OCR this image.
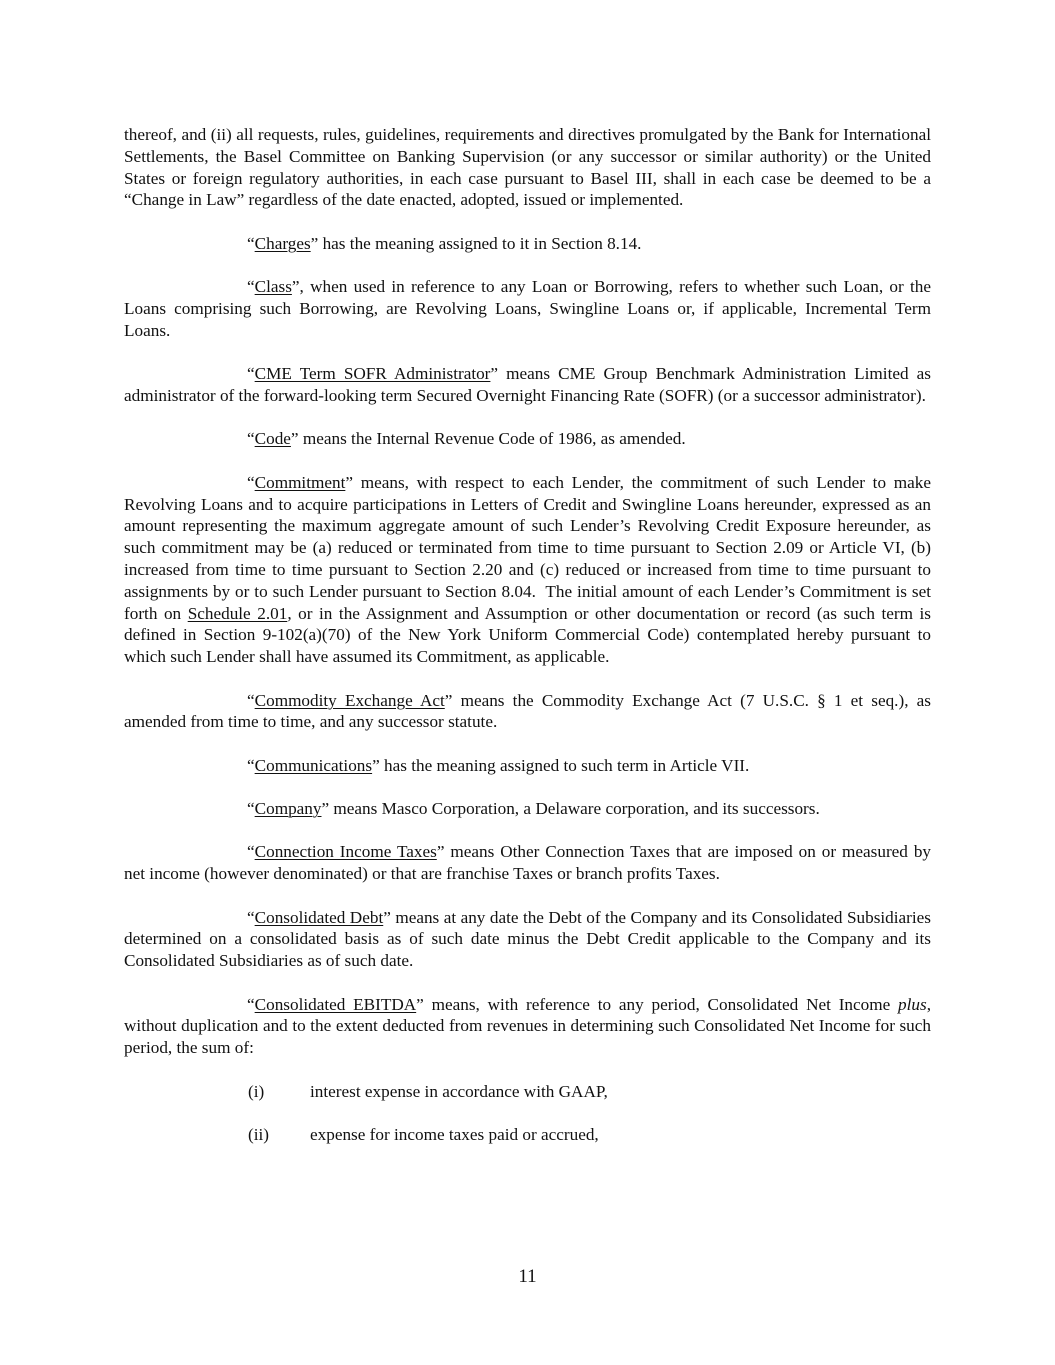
thereof, and (ii) all requests, rules, guidelines, requirements and directives promulgated by the Bank for International Settlements, the Basel Committee on Banking Supervision (or any successor or similar authority) or the United States or foreign regulatory authorities, in each case pursuant to Basel III, shall in each case be deemed to be a “Change in Law” regardless of the date enacted, adopted, issued or implemented.

“Charges” has the meaning assigned to it in Section 8.14.

“Class”, when used in reference to any Loan or Borrowing, refers to whether such Loan, or the Loans comprising such Borrowing, are Revolving Loans, Swingline Loans or, if applicable, Incremental Term Loans.

“CME Term SOFR Administrator” means CME Group Benchmark Administration Limited as administrator of the forward-looking term Secured Overnight Financing Rate (SOFR) (or a successor administrator).

“Code” means the Internal Revenue Code of 1986, as amended.

“Commitment” means, with respect to each Lender, the commitment of such Lender to make Revolving Loans and to acquire participations in Letters of Credit and Swingline Loans hereunder, expressed as an amount representing the maximum aggregate amount of such Lender’s Revolving Credit Exposure hereunder, as such commitment may be (a) reduced or terminated from time to time pursuant to Section 2.09 or Article VI, (b) increased from time to time pursuant to Section 2.20 and (c) reduced or increased from time to time pursuant to assignments by or to such Lender pursuant to Section 8.04.  The initial amount of each Lender’s Commitment is set forth on Schedule 2.01, or in the Assignment and Assumption or other documentation or record (as such term is defined in Section 9-102(a)(70) of the New York Uniform Commercial Code) contemplated hereby pursuant to which such Lender shall have assumed its Commitment, as applicable.

“Commodity Exchange Act” means the Commodity Exchange Act (7 U.S.C. § 1 et seq.), as amended from time to time, and any successor statute.

“Communications” has the meaning assigned to such term in Article VII.

“Company” means Masco Corporation, a Delaware corporation, and its successors.

“Connection Income Taxes” means Other Connection Taxes that are imposed on or measured by net income (however denominated) or that are franchise Taxes or branch profits Taxes.

“Consolidated Debt” means at any date the Debt of the Company and its Consolidated Subsidiaries determined on a consolidated basis as of such date minus the Debt Credit applicable to the Company and its Consolidated Subsidiaries as of such date.

“Consolidated EBITDA” means, with reference to any period, Consolidated Net Income plus, without duplication and to the extent deducted from revenues in determining such Consolidated Net Income for such period, the sum of:

(i)	interest expense in accordance with GAAP,
(ii) expense for income taxes paid or accrued,
11
